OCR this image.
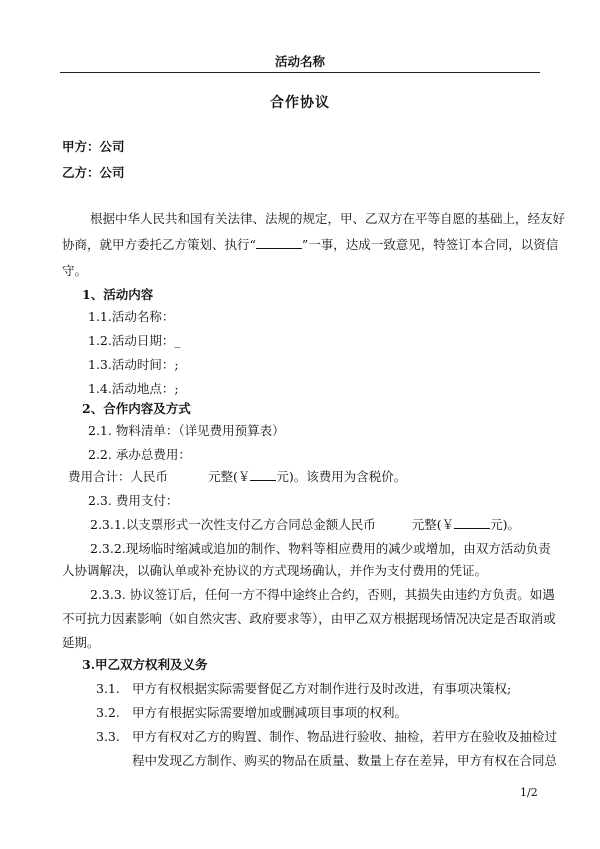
活动名称
合作协议
甲方：公司
乙方：公司
根据中华人民共和国有关法律、法规的规定，甲、乙双方在平等自愿的基础上，经友好
协商，就甲方委托乙方策划、执行“	”一事，达成一致意见，特签订本合同，以资信
守。
1、活动内容
1.1.活动名称：
1.2.活动日期：_
1.3.活动时间：;
1.4.活动地点：;
2、合作内容及方式
2.1. 物料清单：（详见费用预算表）
2.2. 承办总费用：
费用合计：人民币	元整(￥ 元)。该费用为含税价。
2.3. 费用支付：
2.3.1.以支票形式一次性支付乙方合同总金额人民币	元整(￥	元)。
2.3.2.现场临时缩减或追加的制作、物料等相应费用的减少或增加，由双方活动负责
人协调解决，以确认单或补充协议的方式现场确认，并作为支付费用的凭证。
2.3.3. 协议签订后，任何一方不得中途终止合约，否则，其损失由违约方负责。如遇
不可抗力因素影响（如自然灾害、政府要求等），由甲乙双方根据现场情况决定是否取消或
延期。
3.甲乙双方权利及义务
3.1. 甲方有权根据实际需要督促乙方对制作进行及时改进，有事项决策权;
3.2. 甲方有根据实际需要增加或删减项目事项的权利。
3.3. 甲方有权对乙方的购置、制作、物品进行验收、抽检，若甲方在验收及抽检过
程中发现乙方制作、购买的物品在质量、数量上存在差异，甲方有权在合同总
1/2
